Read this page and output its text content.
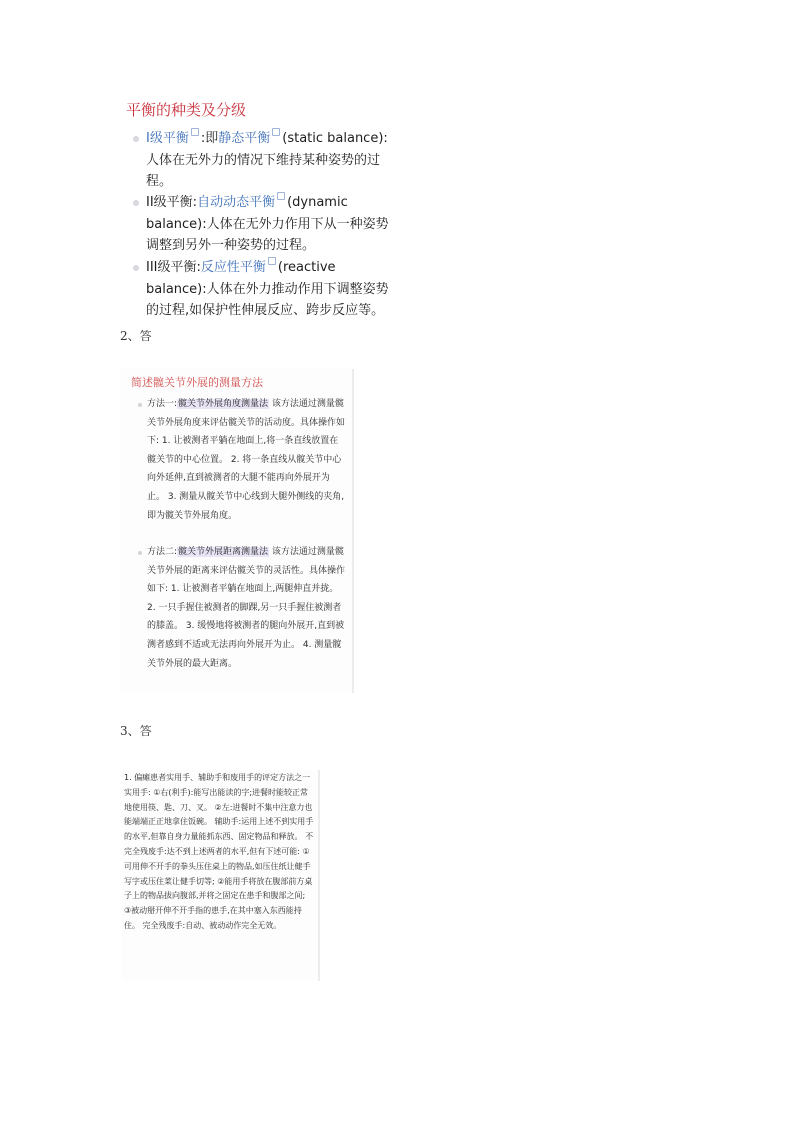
平衡的种类及分级
I级平衡 :即静态平衡 (static balance):人体在无外力的情况下维持某种姿势的过程。
II级平衡:自动动态平衡 (dynamic balance):人体在无外力作用下从一种姿势调整到另外一种姿势的过程。
III级平衡:反应性平衡 (reactive balance):人体在外力推动作用下调整姿势的过程,如保护性伸展反应、跨步反应等。
2、答
简述髋关节外展的测量方法
方法一:髋关节外展角度测量法 该方法通过测量髋关节外展角度来评估髋关节的活动度。具体操作如下: 1. 让被测者平躺在地面上,将一条直线放置在髋关节的中心位置。 2. 将一条直线从髋关节中心向外延伸,直到被测者的大腿不能再向外展开为止。 3. 测量从髋关节中心线到大腿外侧线的夹角,即为髋关节外展角度。
方法二:髋关节外展距离测量法 该方法通过测量髋关节外展的距离来评估髋关节的灵活性。具体操作如下: 1. 让被测者平躺在地面上,两腿伸直并拢。 2. 一只手握住被测者的脚踝,另一只手握住被测者的膝盖。 3. 缓慢地将被测者的腿向外展开,直到被测者感到不适或无法再向外展开为止。 4. 测量髋关节外展的最大距离。
3、答
1. 偏瘫患者实用手、辅助手和废用手的评定方法之一 实用手: ①右(利手):能写出能读的字;进餐时能较正常地使用筷、匙、刀、叉。 ②左:进餐时不集中注意力也能端端正正地拿住饭碗。 辅助手:运用上述不到实用手的水平,但靠自身力量能抓东西、固定物品和释放。 不完全残废手:达不到上述两者的水平,但有下述可能: ①可用伸不开手的拳头压住桌上的物品,如压住纸让健手写字或压住菜让健手切等; ②能用手将放在腹部前方桌子上的物品拔向腹部,并将之固定在患手和腹部之间; ③被动掰开伸不开手指的患手,在其中塞入东西能持住。 完全残废手:自动、被动动作完全无效。
